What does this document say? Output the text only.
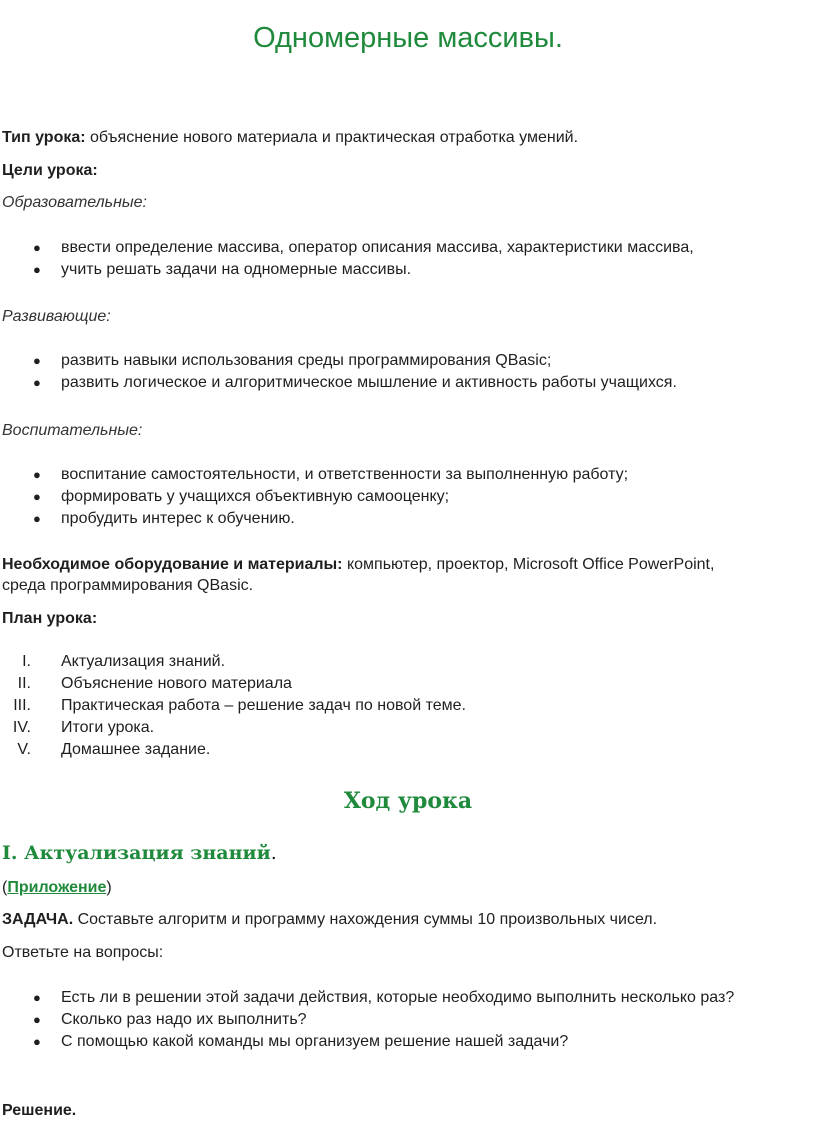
Одномерные массивы.

Тип урока: объяснение нового материала и практическая отработка умений.

Цели урока:

Образовательные:

● ввести определение массива, оператор описания массива, характеристики массива,
● учить решать задачи на одномерные массивы.

Развивающие:

● развить навыки использования среды программирования QBasic;
● развить логическое и алгоритмическое мышление и активность работы учащихся.

Воспитательные:

● воспитание самостоятельности, и ответственности за выполненную работу;
● формировать у учащихся объективную самооценку;
● пробудить интерес к обучению.

Необходимое оборудование и материалы: компьютер, проектор, Microsoft Office PowerPoint,

среда программирования QBasic.

План урока:

I. Актуализация знаний.
II. Объяснение нового материала
III. Практическая работа – решение задач по новой теме.
IV. Итоги урока.
V. Домашнее задание.
Ход урока
I. Актуализация знаний.

(Приложение)

ЗАДАЧА. Составьте алгоритм и программу нахождения суммы 10 произвольных чисел.

Ответьте на вопросы:

● Есть ли в решении этой задачи действия, которые необходимо выполнить несколько раз?
● Сколько раз надо их выполнить?
● С помощью какой команды мы организуем решение нашей задачи?

Решение.
